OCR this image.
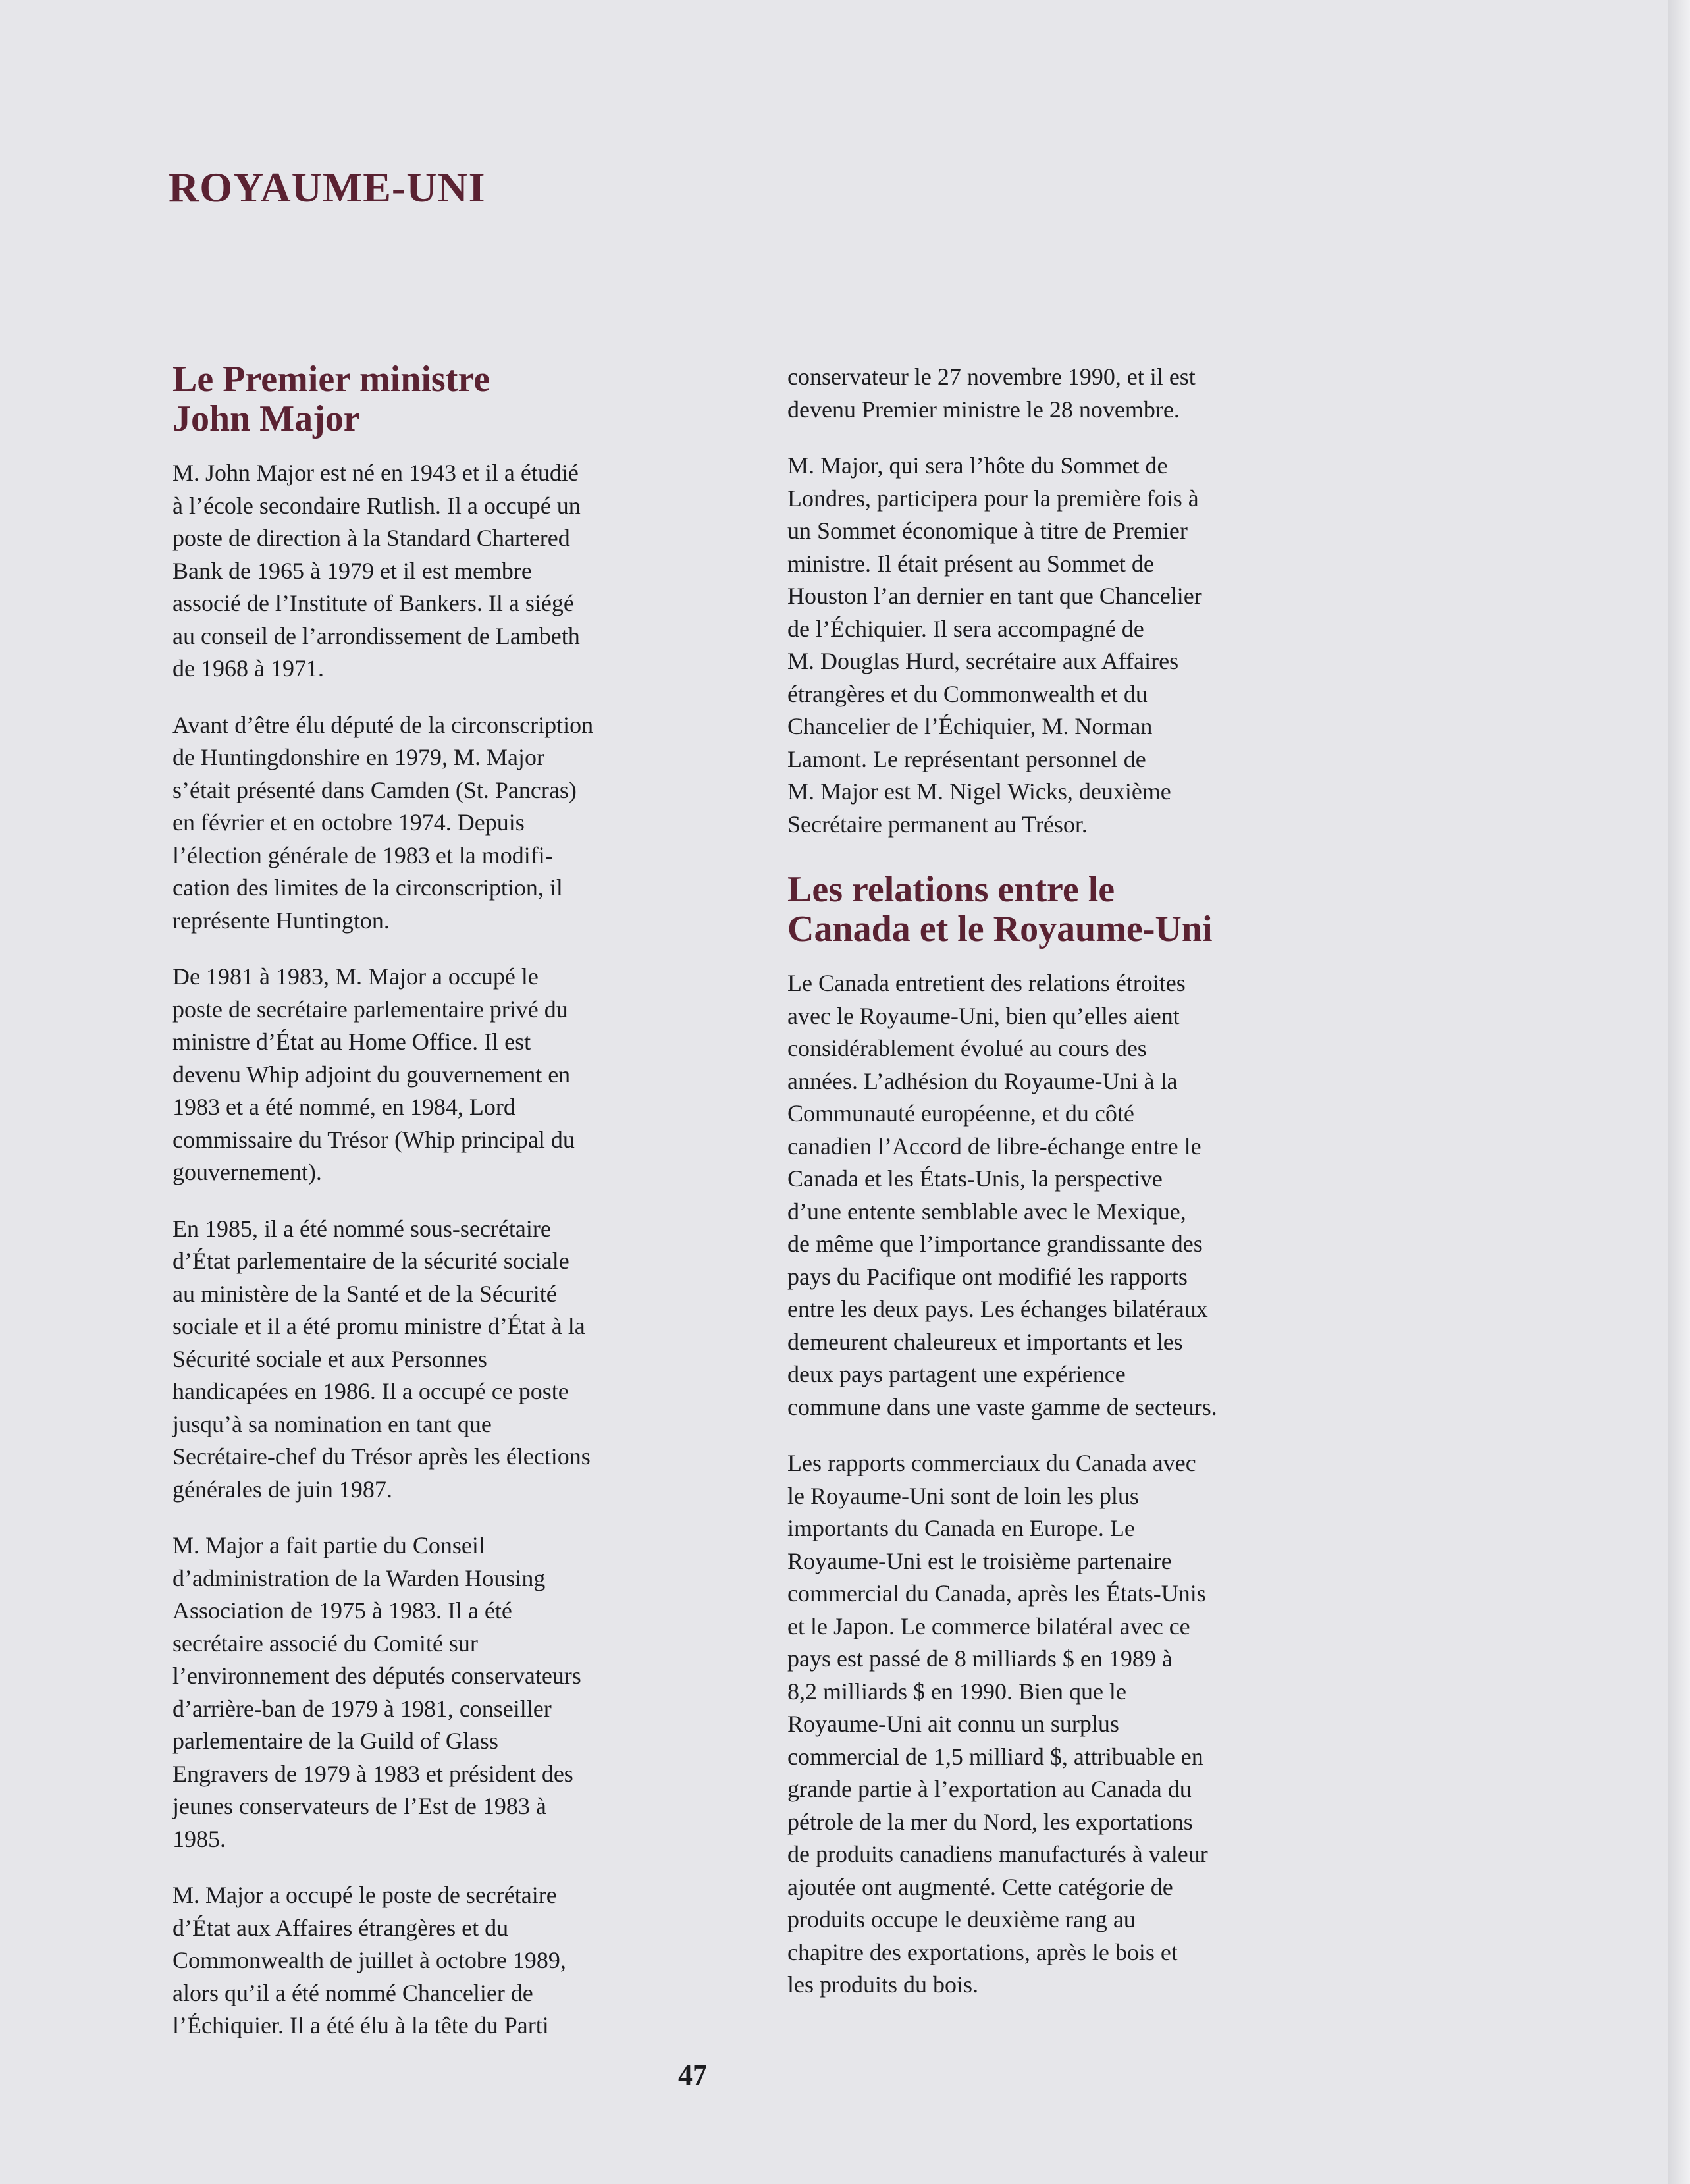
ROYAUME-UNI
Le Premier ministre
John Major

M. John Major est né en 1943 et il a étudié
à l’école secondaire Rutlish. Il a occupé un
poste de direction à la Standard Chartered
Bank de 1965 à 1979 et il est membre
associé de l’Institute of Bankers. Il a siégé
au conseil de l’arrondissement de Lambeth
de 1968 à 1971.

Avant d’être élu député de la circonscription
de Huntingdonshire en 1979, M. Major
s’était présenté dans Camden (St. Pancras)
en février et en octobre 1974. Depuis
l’élection générale de 1983 et la modifi-
cation des limites de la circonscription, il
représente Huntington.

De 1981 à 1983, M. Major a occupé le
poste de secrétaire parlementaire privé du
ministre d’État au Home Office. Il est
devenu Whip adjoint du gouvernement en
1983 et a été nommé, en 1984, Lord
commissaire du Trésor (Whip principal du
gouvernement).

En 1985, il a été nommé sous-secrétaire
d’État parlementaire de la sécurité sociale
au ministère de la Santé et de la Sécurité
sociale et il a été promu ministre d’État à la
Sécurité sociale et aux Personnes
handicapées en 1986. Il a occupé ce poste
jusqu’à sa nomination en tant que
Secrétaire-chef du Trésor après les élections
générales de juin 1987.

M. Major a fait partie du Conseil
d’administration de la Warden Housing
Association de 1975 à 1983. Il a été
secrétaire associé du Comité sur
l’environnement des députés conservateurs
d’arrière-ban de 1979 à 1981, conseiller
parlementaire de la Guild of Glass
Engravers de 1979 à 1983 et président des
jeunes conservateurs de l’Est de 1983 à
1985.

M. Major a occupé le poste de secrétaire
d’État aux Affaires étrangères et du
Commonwealth de juillet à octobre 1989,
alors qu’il a été nommé Chancelier de
l’Échiquier. Il a été élu à la tête du Parti

conservateur le 27 novembre 1990, et il est
devenu Premier ministre le 28 novembre.

M. Major, qui sera l’hôte du Sommet de
Londres, participera pour la première fois à
un Sommet économique à titre de Premier
ministre. Il était présent au Sommet de
Houston l’an dernier en tant que Chancelier
de l’Échiquier. Il sera accompagné de
M. Douglas Hurd, secrétaire aux Affaires
étrangères et du Commonwealth et du
Chancelier de l’Échiquier, M. Norman
Lamont. Le représentant personnel de
M. Major est M. Nigel Wicks, deuxième
Secrétaire permanent au Trésor.

Les relations entre le
Canada et le Royaume-Uni

Le Canada entretient des relations étroites
avec le Royaume-Uni, bien qu’elles aient
considérablement évolué au cours des
années. L’adhésion du Royaume-Uni à la
Communauté européenne, et du côté
canadien l’Accord de libre-échange entre le
Canada et les États-Unis, la perspective
d’une entente semblable avec le Mexique,
de même que l’importance grandissante des
pays du Pacifique ont modifié les rapports
entre les deux pays. Les échanges bilatéraux
demeurent chaleureux et importants et les
deux pays partagent une expérience
commune dans une vaste gamme de secteurs.

Les rapports commerciaux du Canada avec
le Royaume-Uni sont de loin les plus
importants du Canada en Europe. Le
Royaume-Uni est le troisième partenaire
commercial du Canada, après les États-Unis
et le Japon. Le commerce bilatéral avec ce
pays est passé de 8 milliards $ en 1989 à
8,2 milliards $ en 1990. Bien que le
Royaume-Uni ait connu un surplus
commercial de 1,5 milliard $, attribuable en
grande partie à l’exportation au Canada du
pétrole de la mer du Nord, les exportations
de produits canadiens manufacturés à valeur
ajoutée ont augmenté. Cette catégorie de
produits occupe le deuxième rang au
chapitre des exportations, après le bois et
les produits du bois.

47
